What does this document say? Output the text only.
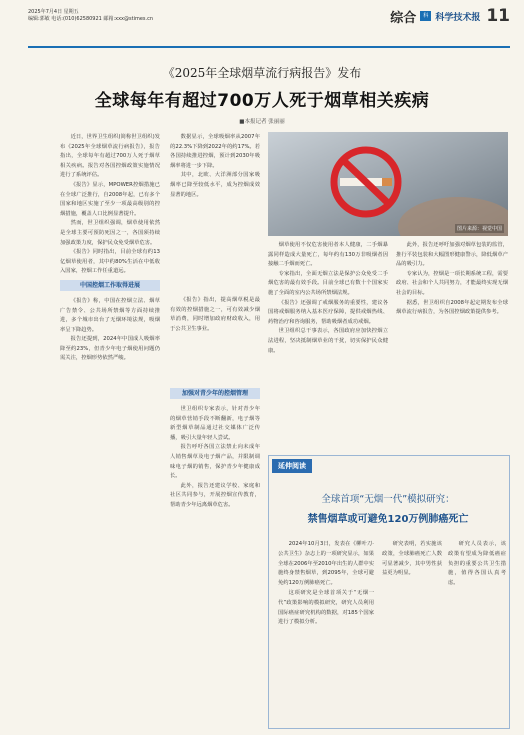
2025年7月4日 星期五
编辑:郭敏 电话:(010)62580921 邮箱:xxx@stimes.cn	综合	科 科学技术报 11
《2025年全球烟草流行病报告》发布
全球每年有超过700万人死于烟草相关疾病
■本报记者 张丽丽

近日，世界卫生组织(简称世卫组织)发布《2025年全球烟草流行病报告》，报告指出，全球每年有超过700万人死于烟草相关疾病。报告对各国控烟政策实施情况进行了系统评估。

《报告》显示，MPOWER控烟措施已在全球广泛推行，自2008年起，已有多个国家和地区实施了至少一项最高级别的控烟措施，覆盖人口比例显著提升。

然而，世卫组织强调，烟草使用依然是全球主要可预防死因之一，各国须持续加强政策力度，保护民众免受烟草危害。

《报告》同时指出，目前全球有约13亿烟草使用者，其中约80%生活在中低收入国家，控烟工作任重道远。

中国控烟工作取得进展

《报告》称，中国在控烟立法、烟草广告禁令、公共场所禁烟等方面持续推进，多个城市出台了无烟环境法规，吸烟率呈下降趋势。

报告还提到，2024年中国成人吸烟率降至约23%，但青少年电子烟使用问题仍需关注，控烟形势依然严峻。

数据显示，全球吸烟率从2007年的22.3%下降到2022年的约17%。若各国持续推进控烟，预计到2030年吸烟率将进一步下降。

其中，北欧、大洋洲部分国家吸烟率已降至较低水平，成为控烟成效显著的地区。

《报告》指出，提高烟草税是最有效的控烟措施之一，可有效减少烟草消费，同时增加政府财政收入，用于公共卫生事业。

加强对青少年的控烟管理

世卫组织专家表示，针对青少年的烟草营销手段不断翻新，电子烟等新型烟草制品通过社交媒体广泛传播，吸引大量年轻人尝试。

报告呼吁各国立法禁止向未成年人销售烟草及电子烟产品，并限制调味电子烟的销售，保护青少年健康成长。

此外，报告还建议学校、家庭和社区共同参与，开展控烟宣传教育，帮助青少年远离烟草危害。

图片来源：视觉中国

烟草使用不仅危害使用者本人健康，二手烟暴露同样造成大量死亡，每年约有130万非吸烟者因接触二手烟而死亡。

专家指出，全面无烟立法是保护公众免受二手烟危害的最有效手段。目前全球已有数十个国家实施了全面的室内公共场所禁烟法规。

《报告》还强调了戒烟服务的重要性，建议各国将戒烟服务纳入基本医疗保障，提供戒烟热线、药物治疗和咨询服务，帮助吸烟者成功戒烟。

世卫组织总干事表示，各国政府应加快控烟立法进程，坚决抵制烟草业的干扰，切实保护民众健康。

此外，报告还呼吁加强对烟草包装的监管，推行平装包装和大幅图形健康警示，降低烟草产品的吸引力。

专家认为，控烟是一项长期系统工程，需要政府、社会和个人共同努力，才能最终实现无烟社会的目标。

据悉，世卫组织自2008年起定期发布全球烟草流行病报告，为各国控烟政策提供参考。

延伸阅读
全球首项“无烟一代”模拟研究：
禁售烟草或可避免120万例肺癌死亡

2024年10月3日，发表在《柳叶刀·公共卫生》杂志上的一项研究显示，如果全球在2006年至2010年出生的人群中实施终身禁售烟草，到2095年，全球可避免约120万例肺癌死亡。

这项研究是全球首项关于“无烟一代”政策影响的模拟研究，研究人员利用国际癌症研究机构的数据，对185个国家进行了模拟分析。

研究表明，若实施该政策，全球肺癌死亡人数可显著减少，其中男性获益更为明显。

研究人员表示，该政策有望成为降低癌症负担的重要公共卫生措施，值得各国认真考虑。
